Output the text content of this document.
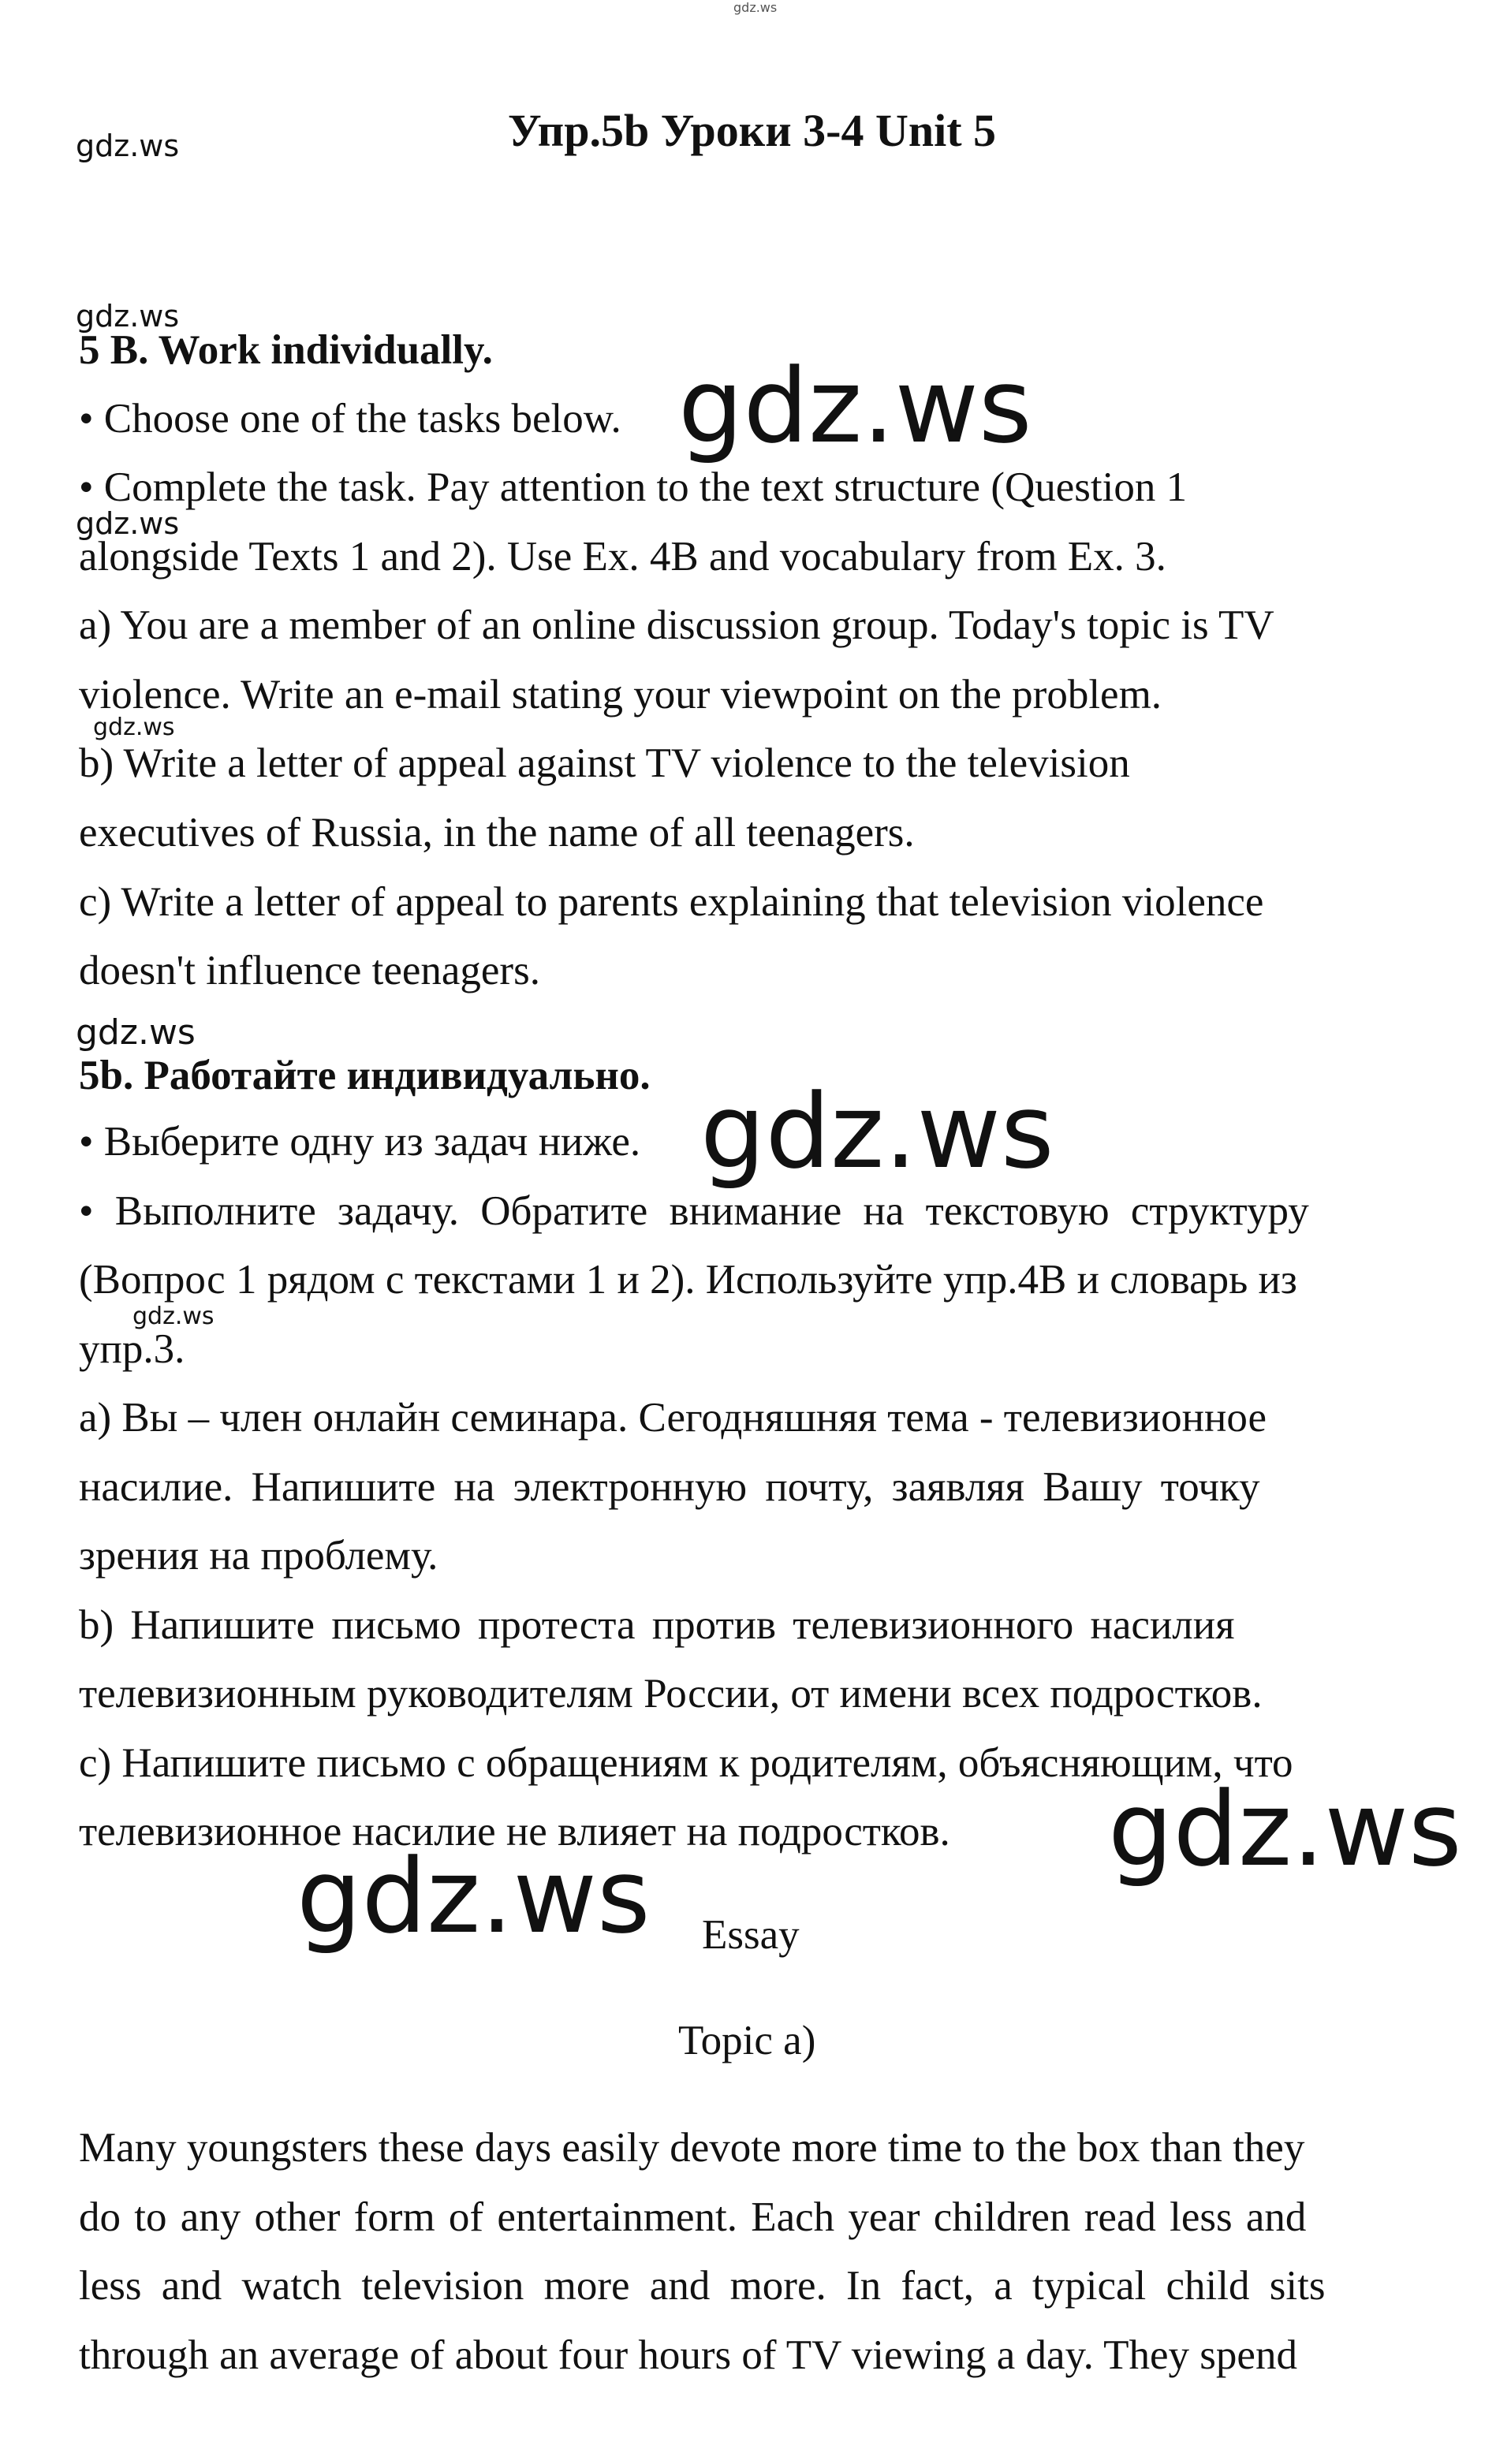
gdz.ws
gdz.ws	Упр.5b Уроки 3-4 Unit 5
gdz.ws
5 B. Work individually.
• Choose one of the tasks below. gdz.ws
• Complete the task. Pay attention to the text structure (Question 1
gdz.ws
alongside Texts 1 and 2). Use Ex. 4B and vocabulary from Ex. 3.
a) You are a member of an online discussion group. Today's topic is TV
violence. Write an e-mail stating your viewpoint on the problem.
gdz.ws
b) Write a letter of appeal against TV violence to the television
executives of Russia, in the name of all teenagers.
c) Write a letter of appeal to parents explaining that television violence
doesn't influence teenagers.
gdz.ws
5b. Работайте индивидуально.
• Выберите одну из задач ниже. gdz.ws
• Выполните задачу. Обратите внимание на текстовую структуру
(Вопрос 1 рядом с текстами 1 и 2). Используйте упр.4B и словарь из
gdz.ws
упр.3.
a) Вы – член онлайн семинара. Сегодняшняя тема - телевизионное
насилие. Напишите на электронную почту, заявляя Вашу точку
зрения на проблему.
b) Напишите письмо протеста против телевизионного насилия
телевизионным руководителям России, от имени всех подростков.
c) Напишите письмо с обращениям к родителям, объясняющим, что
телевизионное насилие не влияет на подростков. gdz.ws
gdz.ws Essay
Topic a)
Many youngsters these days easily devote more time to the box than they
do to any other form of entertainment. Each year children read less and
less and watch television more and more. In fact, a typical child sits
through an average of about four hours of TV viewing a day. They spend
